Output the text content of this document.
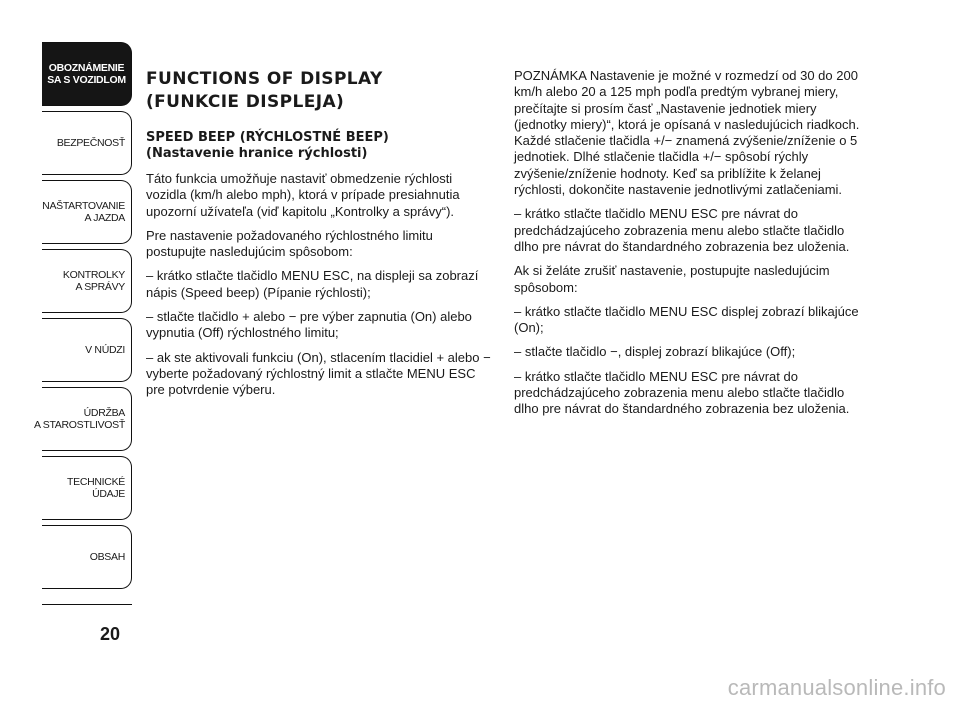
OBOZNÁMENIE
SA S VOZIDLOM
BEZPEČNOSŤ
NAŠTARTOVANIE
A JAZDA
KONTROLKY
A SPRÁVY
V NÚDZI
ÚDRŽBA
A STAROSTLIVOSŤ
TECHNICKÉ
ÚDAJE
OBSAH
20
FUNCTIONS OF DISPLAY
(FUNKCIE DISPLEJA)
SPEED BEEP (RÝCHLOSTNÉ BEEP)
(Nastavenie hranice rýchlosti)

Táto funkcia umožňuje nastaviť obmedzenie rýchlosti vozidla (km/h alebo mph), ktorá v prípade presiahnutia upozorní užívateľa (viď kapitolu „Kontrolky a správy“).

Pre nastavenie požadovaného rýchlostného limitu postupujte nasledujúcim spôsobom:

– krátko stlačte tlačidlo MENU ESC, na displeji sa zobrazí nápis (Speed beep) (Pípanie rýchlosti);

– stlačte tlačidlo + alebo − pre výber zapnutia (On) alebo vypnutia (Off) rýchlostného limitu;

– ak ste aktivovali funkciu (On), stlacením tlacidiel + alebo − vyberte požadovaný rýchlostný limit a stlačte MENU ESC pre potvrdenie výberu.

POZNÁMKA Nastavenie je možné v rozmedzí od 30 do 200 km/h alebo 20 a 125 mph podľa predtým vybranej miery, prečítajte si prosím časť „Nastavenie jednotiek miery (jednotky miery)“, ktorá je opísaná v nasledujúcich riadkoch. Každé stlačenie tlačidla +/− znamená zvýšenie/zníženie o 5 jednotiek. Dlhé stlačenie tlačidla +/− spôsobí rýchly zvýšenie/zníženie hodnoty. Keď sa priblížite k želanej rýchlosti, dokončite nastavenie jednotlivými zatlačeniami.

– krátko stlačte tlačidlo MENU ESC pre návrat do predchádzajúceho zobrazenia menu alebo stlačte tlačidlo dlho pre návrat do štandardného zobrazenia bez uloženia.

Ak si želáte zrušiť nastavenie, postupujte nasledujúcim spôsobom:

– krátko stlačte tlačidlo MENU ESC displej zobrazí blikajúce (On);

– stlačte tlačidlo −, displej zobrazí blikajúce (Off);

– krátko stlačte tlačidlo MENU ESC pre návrat do predchádzajúceho zobrazenia menu alebo stlačte tlačidlo dlho pre návrat do štandardného zobrazenia bez uloženia.

carmanualsonline.info
